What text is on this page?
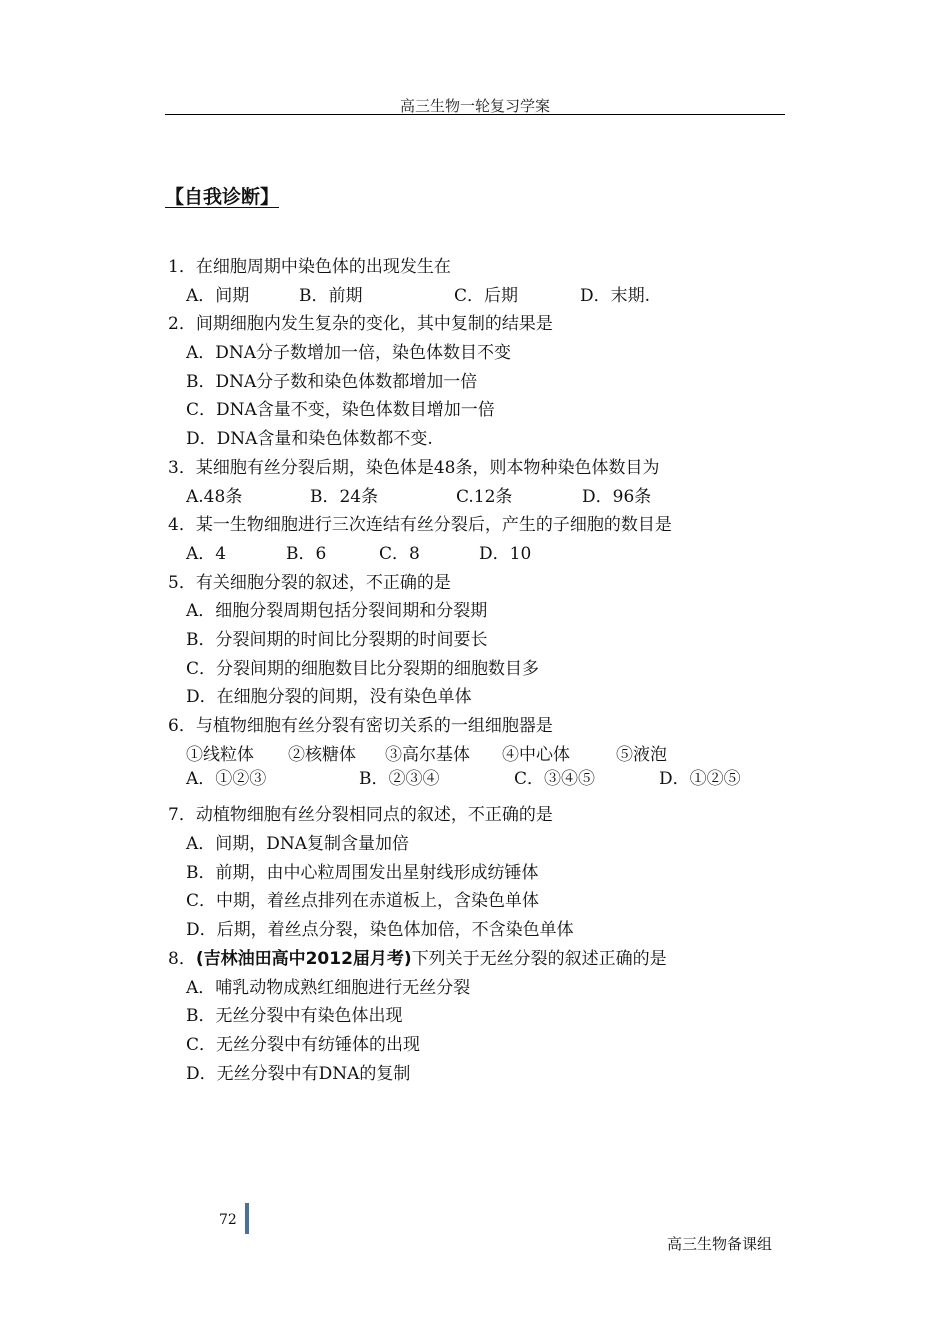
高三生物一轮复习学案
【自我诊断】
1．在细胞周期中染色体的出现发生在
A．间期	B．前期	C．后期	D．末期.
2．间期细胞内发生复杂的变化，其中复制的结果是
A．DNA分子数增加一倍，染色体数目不变
B．DNA分子数和染色体数都增加一倍
C．DNA含量不变，染色体数目增加一倍
D．DNA含量和染色体数都不变.
3．某细胞有丝分裂后期，染色体是48条，则本物种染色体数目为
A.48条	B．24条	C.12条	D．96条
4．某一生物细胞进行三次连结有丝分裂后，产生的子细胞的数目是
A．4	B．6	C．8	D．10
5．有关细胞分裂的叙述，不正确的是
A．细胞分裂周期包括分裂间期和分裂期
B．分裂间期的时间比分裂期的时间要长
C．分裂间期的细胞数目比分裂期的细胞数目多
D．在细胞分裂的间期，没有染色单体
6．与植物细胞有丝分裂有密切关系的一组细胞器是
①线粒体	②核糖体	③高尔基体	④中心体	⑤液泡
A．①②③	B．②③④	C．③④⑤	D．①②⑤
7．动植物细胞有丝分裂相同点的叙述，不正确的是
A．间期，DNA复制含量加倍
B．前期，由中心粒周围发出星射线形成纺锤体
C．中期，着丝点排列在赤道板上，含染色单体
D．后期，着丝点分裂，染色体加倍，不含染色单体
8．(吉林油田高中2012届月考)下列关于无丝分裂的叙述正确的是
A．哺乳动物成熟红细胞进行无丝分裂
B．无丝分裂中有染色体出现
C．无丝分裂中有纺锤体的出现
D．无丝分裂中有DNA的复制
72
高三生物备课组
